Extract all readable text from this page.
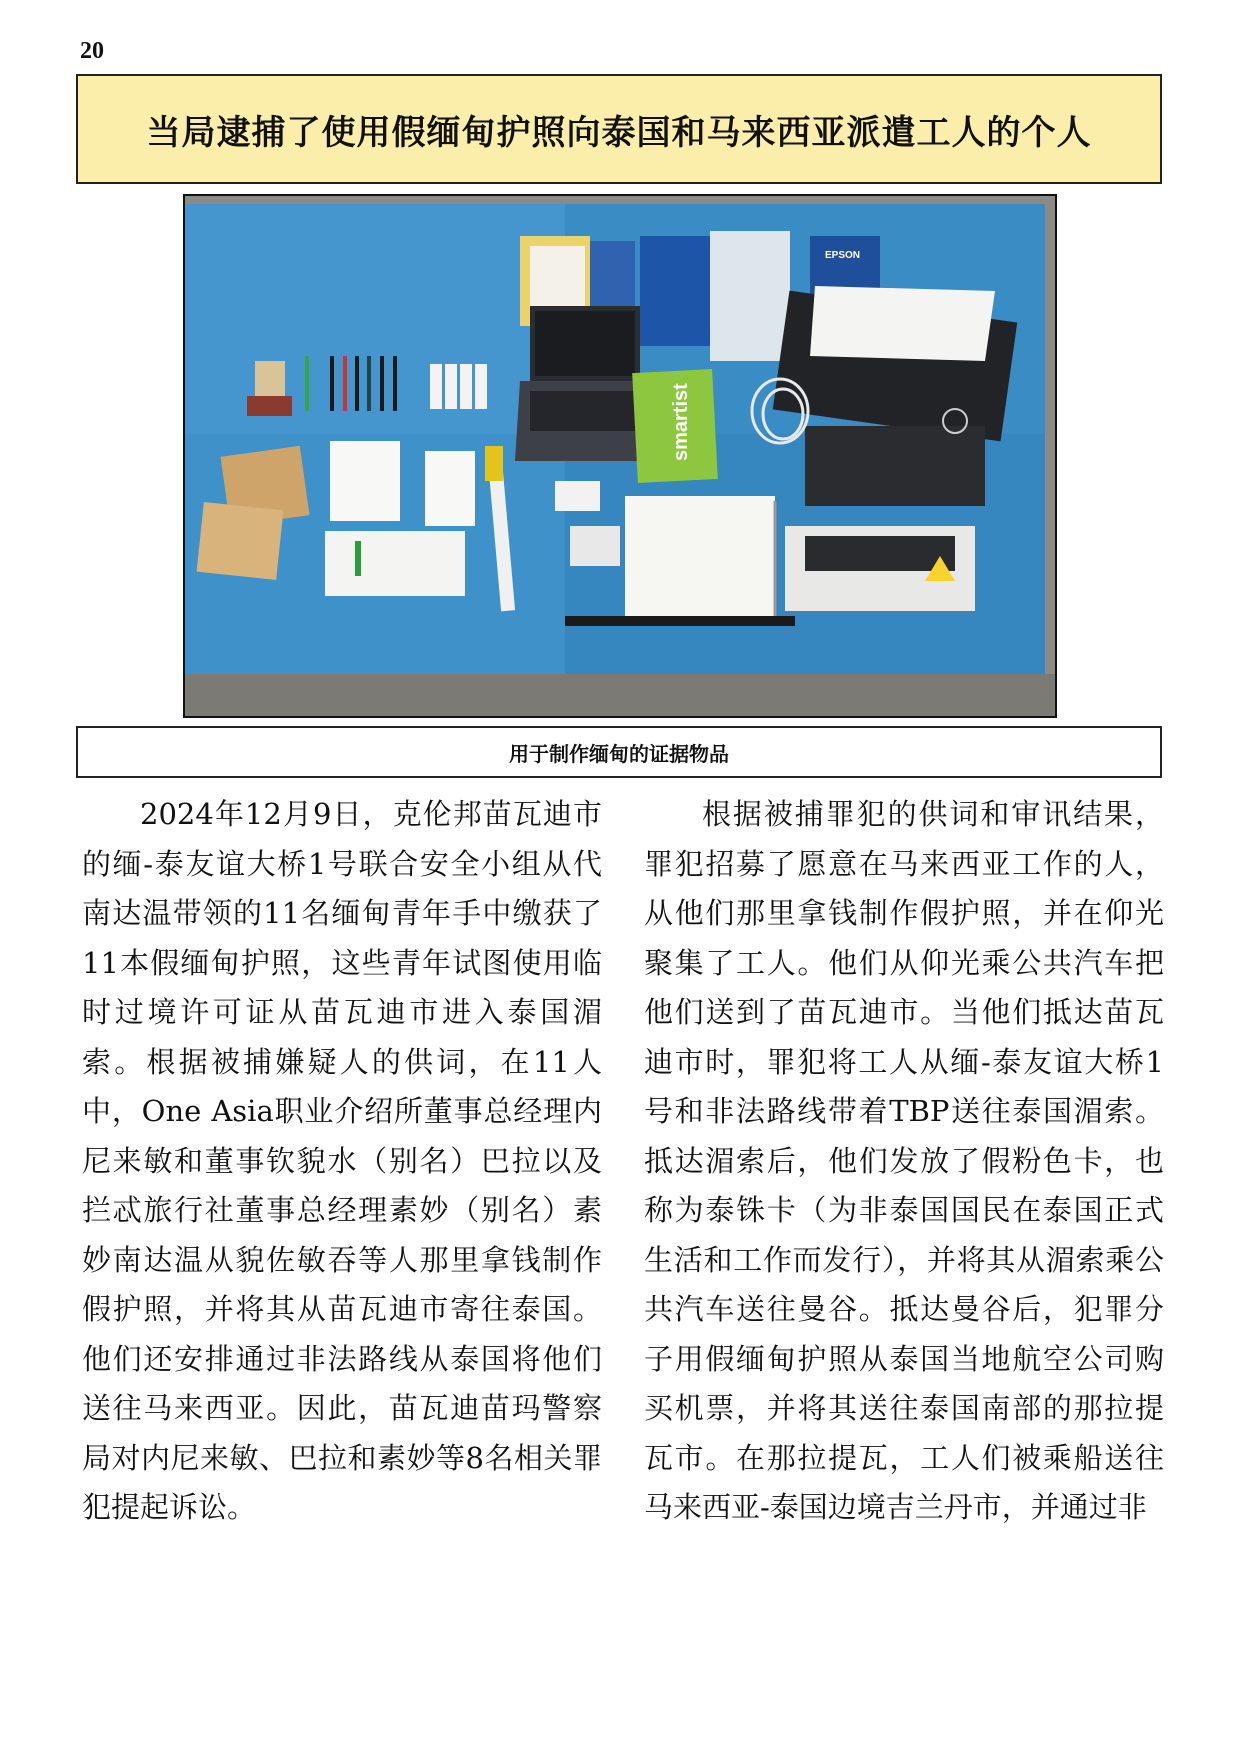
20
当局逮捕了使用假缅甸护照向泰国和马来西亚派遣工人的个人
EPSON
smartist
用于制作缅甸的证据物品

2024年12月9日，克伦邦苗瓦迪市的缅-泰友谊大桥1号联合安全小组从代南达温带领的11名缅甸青年手中缴获了11本假缅甸护照，这些青年试图使用临时过境许可证从苗瓦迪市进入泰国湄索。根据被捕嫌疑人的供词，在11人中，One Asia职业介绍所董事总经理内尼来敏和董事钦貌水（别名）巴拉以及拦忒旅行社董事总经理素妙（别名）素妙南达温从貌佐敏吞等人那里拿钱制作假护照，并将其从苗瓦迪市寄往泰国。他们还安排通过非法路线从泰国将他们送往马来西亚。因此，苗瓦迪苗玛警察局对内尼来敏、巴拉和素妙等8名相关罪犯提起诉讼。

根据被捕罪犯的供词和审讯结果，罪犯招募了愿意在马来西亚工作的人，从他们那里拿钱制作假护照，并在仰光聚集了工人。他们从仰光乘公共汽车把他们送到了苗瓦迪市。当他们抵达苗瓦迪市时，罪犯将工人从缅-泰友谊大桥1号和非法路线带着TBP送往泰国湄索。抵达湄索后，他们发放了假粉色卡，也称为泰铢卡（为非泰国国民在泰国正式生活和工作而发行），并将其从湄索乘公共汽车送往曼谷。抵达曼谷后，犯罪分子用假缅甸护照从泰国当地航空公司购买机票，并将其送往泰国南部的那拉提瓦市。在那拉提瓦，工人们被乘船送往马来西亚-泰国边境吉兰丹市，并通过非
